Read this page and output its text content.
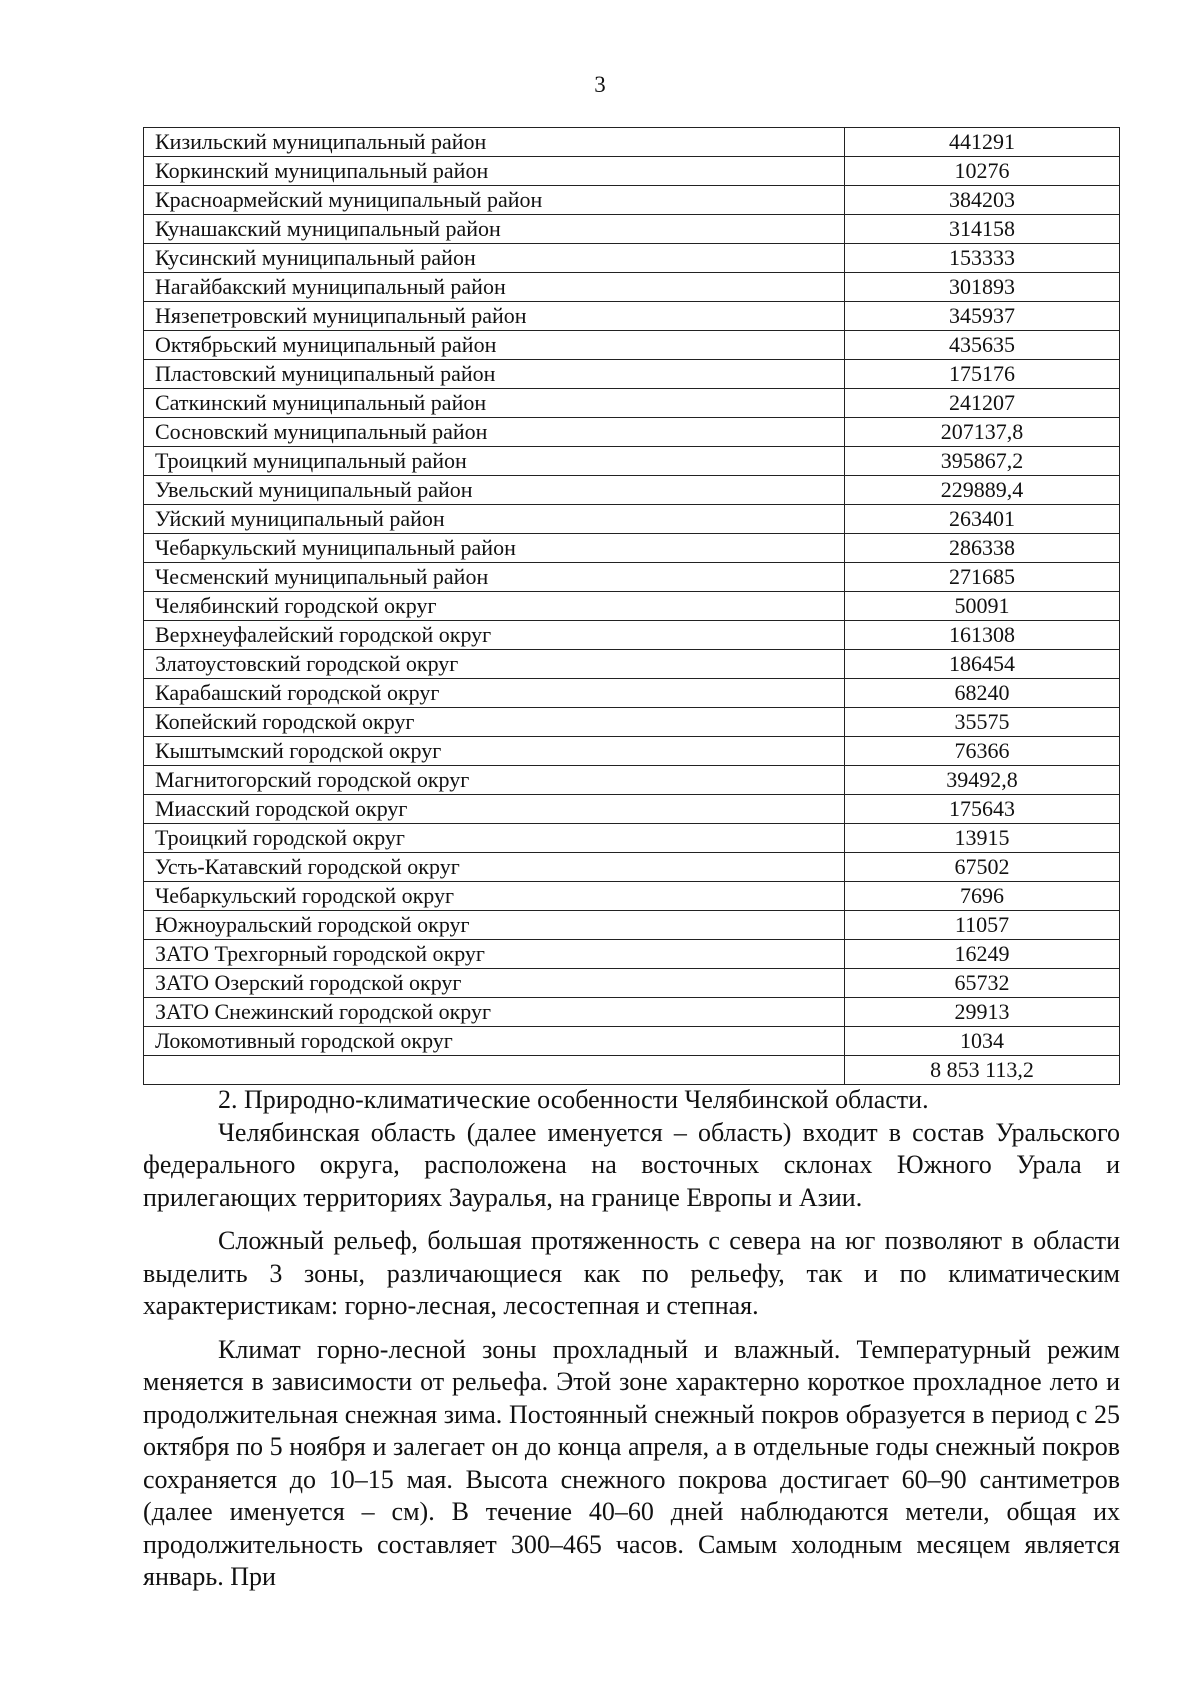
3
Кизильский муниципальный район	441291
Коркинский муниципальный район	10276
Красноармейский муниципальный район	384203
Кунашакский муниципальный район	314158
Кусинский муниципальный район	153333
Нагайбакский муниципальный район	301893
Нязепетровский муниципальный район	345937
Октябрьский муниципальный район	435635
Пластовский муниципальный район	175176
Саткинский муниципальный район	241207
Сосновский муниципальный район	207137,8
Троицкий муниципальный район	395867,2
Увельский муниципальный район	229889,4
Уйский муниципальный район	263401
Чебаркульский муниципальный район	286338
Чесменский муниципальный район	271685
Челябинский городской округ	50091
Верхнеуфалейский городской округ	161308
Златоустовский городской округ	186454
Карабашский городской округ	68240
Копейский городской округ	35575
Кыштымский городской округ	76366
Магнитогорский городской округ	39492,8
Миасский городской округ	175643
Троицкий городской округ	13915
Усть-Катавский городской округ	67502
Чебаркульский городской округ	7696
Южноуральский городской округ	11057
ЗАТО Трехгорный городской округ	16249
ЗАТО Озерский городской округ	65732
ЗАТО Снежинский городской округ	29913
Локомотивный городской округ	1034
	8 853 113,2

2. Природно-климатические особенности Челябинской области.

Челябинская область (далее именуется – область) входит в состав Уральского федерального округа, расположена на восточных склонах Южного Урала и прилегающих территориях Зауралья, на границе Европы и Азии.

Сложный рельеф, большая протяженность с севера на юг позволяют в области выделить 3 зоны, различающиеся как по рельефу, так и по климатическим характеристикам: горно-лесная, лесостепная и степная.

Климат горно-лесной зоны прохладный и влажный. Температурный режим меняется в зависимости от рельефа. Этой зоне характерно короткое прохладное лето и продолжительная снежная зима. Постоянный снежный покров образуется в период с 25 октября по 5 ноября и залегает он до конца апреля, а в отдельные годы снежный покров сохраняется до 10–15 мая. Высота снежного покрова достигает 60–90 сантиметров (далее именуется – см). В течение 40–60 дней наблюдаются метели, общая их продолжительность составляет 300–465 часов. Самым холодным месяцем является январь. При
